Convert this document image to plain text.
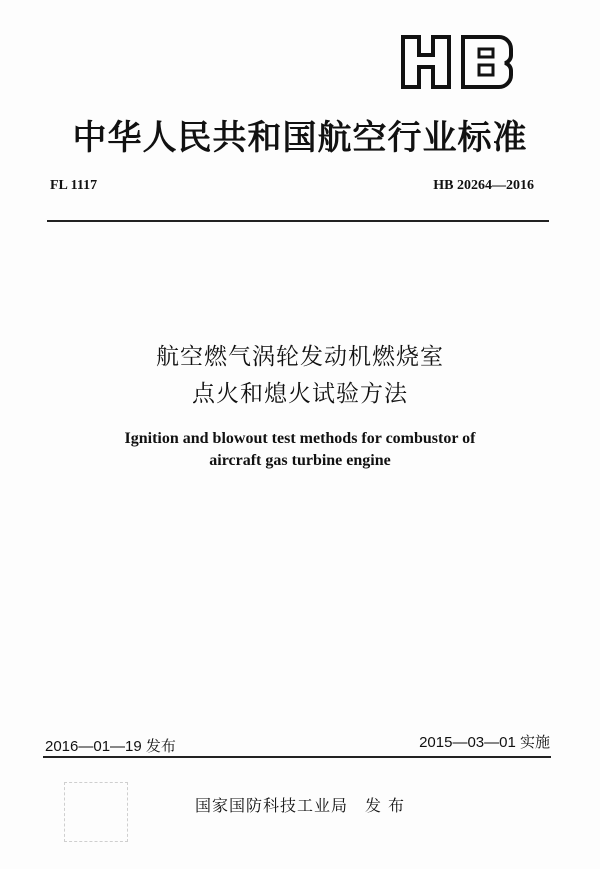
中华人民共和国航空行业标准
FL 1117	HB 20264—2016
航空燃气涡轮发动机燃烧室
点火和熄火试验方法
Ignition and blowout test methods for combustor of
aircraft gas turbine engine
2016—01—19 发布	2015—03—01 实施
国家国防科技工业局　发 布
